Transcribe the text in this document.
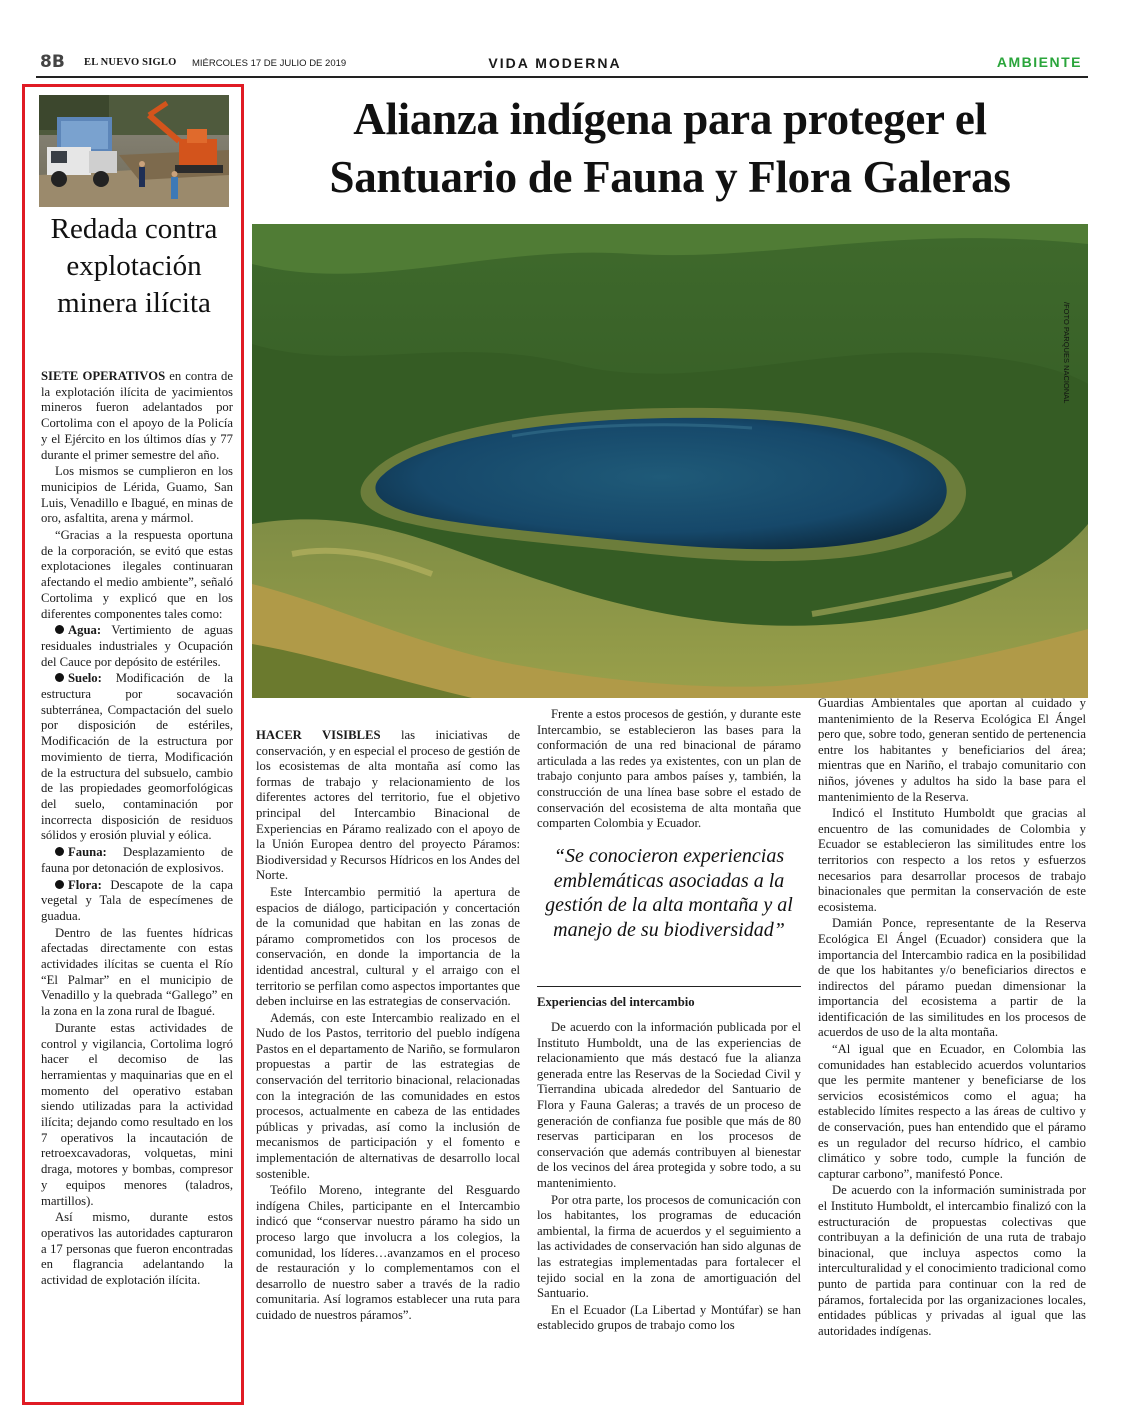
8B EL NUEVO SIGLO MIÉRCOLES 17 DE JULIO DE 2019	VIDA MODERNA	AMBIENTE
Redada contra explotación minera ilícita

SIETE OPERATIVOS en contra de la explotación ilícita de yacimientos mineros fueron adelantados por Cortolima con el apoyo de la Policía y el Ejército en los últimos días y 77 durante el primer semestre del año.

Los mismos se cumplieron en los municipios de Lérida, Guamo, San Luis, Venadillo e Ibagué, en minas de oro, asfaltita, arena y mármol.

“Gracias a la respuesta oportuna de la corporación, se evitó que estas explotaciones ilegales continuaran afectando el medio ambiente”, señaló Cortolima y explicó que en los diferentes componentes tales como:

Agua: Vertimiento de aguas residuales industriales y Ocupación del Cauce por depósito de estériles.

Suelo: Modificación de la estructura por socavación subterránea, Compactación del suelo por disposición de estériles, Modificación de la estructura por movimiento de tierra, Modificación de la estructura del subsuelo, cambio de las propiedades geomorfológicas del suelo, contaminación por incorrecta disposición de residuos sólidos y erosión pluvial y eólica.

Fauna: Desplazamiento de fauna por detonación de explosivos.

Flora: Descapote de la capa vegetal y Tala de especímenes de guadua.

Dentro de las fuentes hídricas afectadas directamente con estas actividades ilícitas se cuenta el Río “El Palmar” en el municipio de Venadillo y la quebrada “Gallego” en la zona en la zona rural de Ibagué.

Durante estas actividades de control y vigilancia, Cortolima logró hacer el decomiso de las herramientas y maquinarias que en el momento del operativo estaban siendo utilizadas para la actividad ilícita; dejando como resultado en los 7 operativos la incautación de retroexcavadoras, volquetas, mini draga, motores y bombas, compresor y equipos menores (taladros, martillos).

Así mismo, durante estos operativos las autoridades capturaron a 17 personas que fueron encontradas en flagrancia adelantando la actividad de explotación ilícita.

Alianza indígena para proteger el Santuario de Fauna y Flora Galeras
/FOTO PARQUES NACIONAL

HACER VISIBLES las iniciativas de conservación, y en especial el proceso de gestión de los ecosistemas de alta montaña así como las formas de trabajo y relacionamiento de los diferentes actores del territorio, fue el objetivo principal del Intercambio Binacional de Experiencias en Páramo realizado con el apoyo de la Unión Europea dentro del proyecto Páramos: Biodiversidad y Recursos Hídricos en los Andes del Norte.

Este Intercambio permitió la apertura de espacios de diálogo, participación y concertación de la comunidad que habitan en las zonas de páramo comprometidos con los procesos de conservación, en donde la importancia de la identidad ancestral, cultural y el arraigo con el territorio se perfilan como aspectos importantes que deben incluirse en las estrategias de conservación.

Además, con este Intercambio realizado en el Nudo de los Pastos, territorio del pueblo indígena Pastos en el departamento de Nariño, se formularon propuestas a partir de las estrategias de conservación del territorio binacional, relacionadas con la integración de las comunidades en estos procesos, actualmente en cabeza de las entidades públicas y privadas, así como la inclusión de mecanismos de participación y el fomento e implementación de alternativas de desarrollo local sostenible.

Teófilo Moreno, integrante del Resguardo indígena Chiles, participante en el Intercambio indicó que “conservar nuestro páramo ha sido un proceso largo que involucra a los colegios, la comunidad, los líderes…avanzamos en el proceso de restauración y lo complementamos con el desarrollo de nuestro saber a través de la radio comunitaria. Así logramos establecer una ruta para cuidado de nuestros páramos”.

Frente a estos procesos de gestión, y durante este Intercambio, se establecieron las bases para la conformación de una red binacional de páramo articulada a las redes ya existentes, con un plan de trabajo conjunto para ambos países y, también, la construcción de una línea base sobre el estado de conservación del ecosistema de alta montaña que comparten Colombia y Ecuador.

“Se conocieron experiencias emblemáticas asociadas a la gestión de la alta montaña y al manejo de su biodiversidad”
Experiencias del intercambio

De acuerdo con la información publicada por el Instituto Humboldt, una de las experiencias de relacionamiento que más destacó fue la alianza generada entre las Reservas de la Sociedad Civil y Tierrandina ubicada alrededor del Santuario de Flora y Fauna Galeras; a través de un proceso de generación de confianza fue posible que más de 80 reservas participaran en los procesos de conservación que además contribuyen al bienestar de los vecinos del área protegida y sobre todo, a su mantenimiento.

Por otra parte, los procesos de comunicación con los habitantes, los programas de educación ambiental, la firma de acuerdos y el seguimiento a las actividades de conservación han sido algunas de las estrategias implementadas para fortalecer el tejido social en la zona de amortiguación del Santuario.

En el Ecuador (La Libertad y Montúfar) se han establecido grupos de trabajo como los

Guardias Ambientales que aportan al cuidado y mantenimiento de la Reserva Ecológica El Ángel pero que, sobre todo, generan sentido de pertenencia entre los habitantes y beneficiarios del área; mientras que en Nariño, el trabajo comunitario con niños, jóvenes y adultos ha sido la base para el mantenimiento de la Reserva.

Indicó el Instituto Humboldt que gracias al encuentro de las comunidades de Colombia y Ecuador se establecieron las similitudes entre los territorios con respecto a los retos y esfuerzos necesarios para desarrollar procesos de trabajo binacionales que permitan la conservación de este ecosistema.

Damián Ponce, representante de la Reserva Ecológica El Ángel (Ecuador) considera que la importancia del Intercambio radica en la posibilidad de que los habitantes y/o beneficiarios directos e indirectos del páramo puedan dimensionar la importancia del ecosistema a partir de la identificación de las similitudes en los procesos de acuerdos de uso de la alta montaña.

“Al igual que en Ecuador, en Colombia las comunidades han establecido acuerdos voluntarios que les permite mantener y beneficiarse de los servicios ecosistémicos como el agua; ha establecido límites respecto a las áreas de cultivo y de conservación, pues han entendido que el páramo es un regulador del recurso hídrico, el cambio climático y sobre todo, cumple la función de capturar carbono”, manifestó Ponce.

De acuerdo con la información suministrada por el Instituto Humboldt, el intercambio finalizó con la estructuración de propuestas colectivas que contribuyan a la definición de una ruta de trabajo binacional, que incluya aspectos como la interculturalidad y el conocimiento tradicional como punto de partida para continuar con la red de páramos, fortalecida por las organizaciones locales, entidades públicas y privadas al igual que las autoridades indígenas.
